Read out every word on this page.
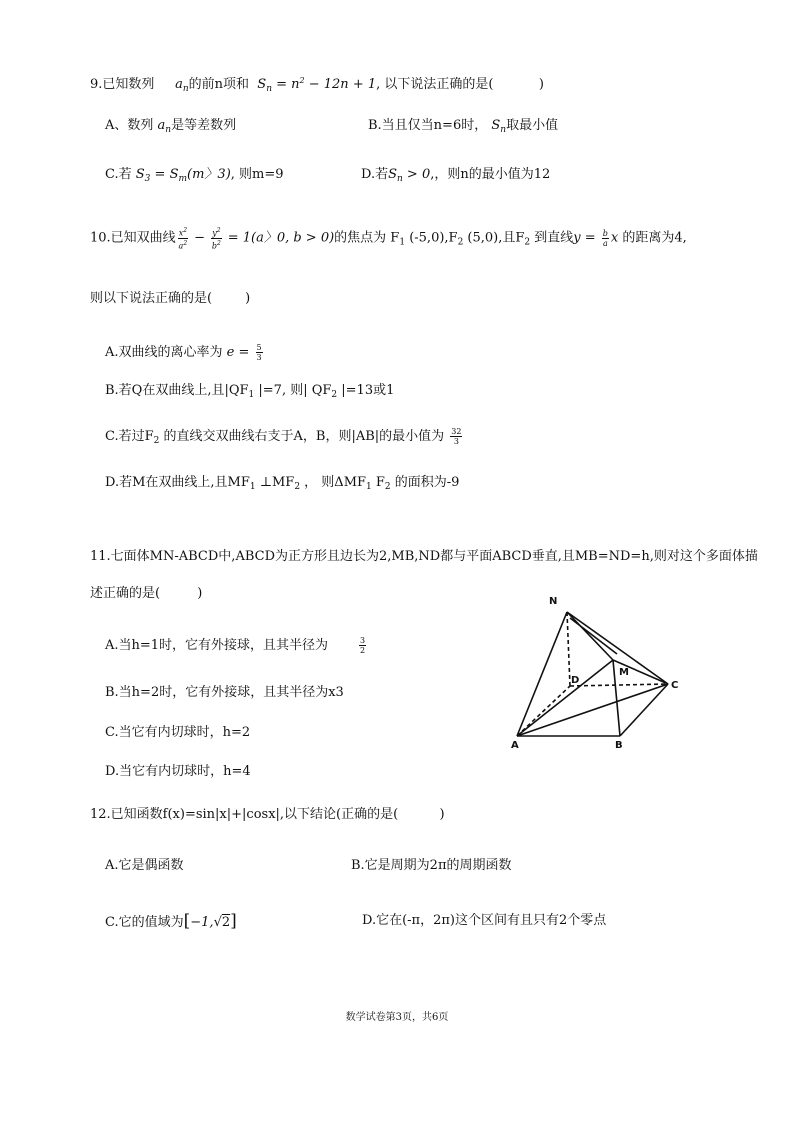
9.已知数列 $a_n$的前n项和 $S_n = n^2 - 12n + 1$, 以下说法正确的是(	)
A、数列 $a_n$是等差数列	B.当且仅当n=6时， $S_n$取最小值
C.若 $S_3 = S_m(m$〉3), 则m=9	D.若$S_n > 0$,，则n的最小值为12
10.已知双曲线 $\frac{x^2}{a^2} - \frac{y^2}{b^2} = 1(a$〉0, b > 0)的焦点为 $F_1$ $(-5,0),F_2$ (5,0),且$F_2$ 到直线$y = \frac{b}{a}$ x 的距离为4,
则以下说法正确的是(	)
A.双曲线的离心率为 $e = \frac{5}{3}$
B.若Q在双曲线上,且$|QF_1$ |=7, 则| $QF_2$ |=13或1
C.若过$F_2$ 的直线交双曲线右支于A，B，则|AB|的最小值为 $\frac{32}{3}$
D.若M在双曲线上,且$MF_1$ $\perp MF_2$ ， 则$\Delta MF_1$ $F_2$ 的面积为-9
11.七面体MN-ABCD中,ABCD为正方形且边长为2,MB,ND都与平面ABCD垂直,且MB=ND=h,则对这个多面体描
述正确的是(	)
A.当h=1时，它有外接球，且其半径为	$\frac{3}{2}$
B.当h=2时，它有外接球，且其半径为x3
C.当它有内切球时，h=2
D.当它有内切球时，h=4
N
M
D	C
A	B
12.已知函数f(x)=sin|x|+|cosx|,以下结论(正确的是(	)
A.它是偶函数	B.它是周期为2π的周期函数
C.它的值域为[−1,√2]	D.它在(-π，2π)这个区间有且只有2个零点
数学试卷第3页，共6页
